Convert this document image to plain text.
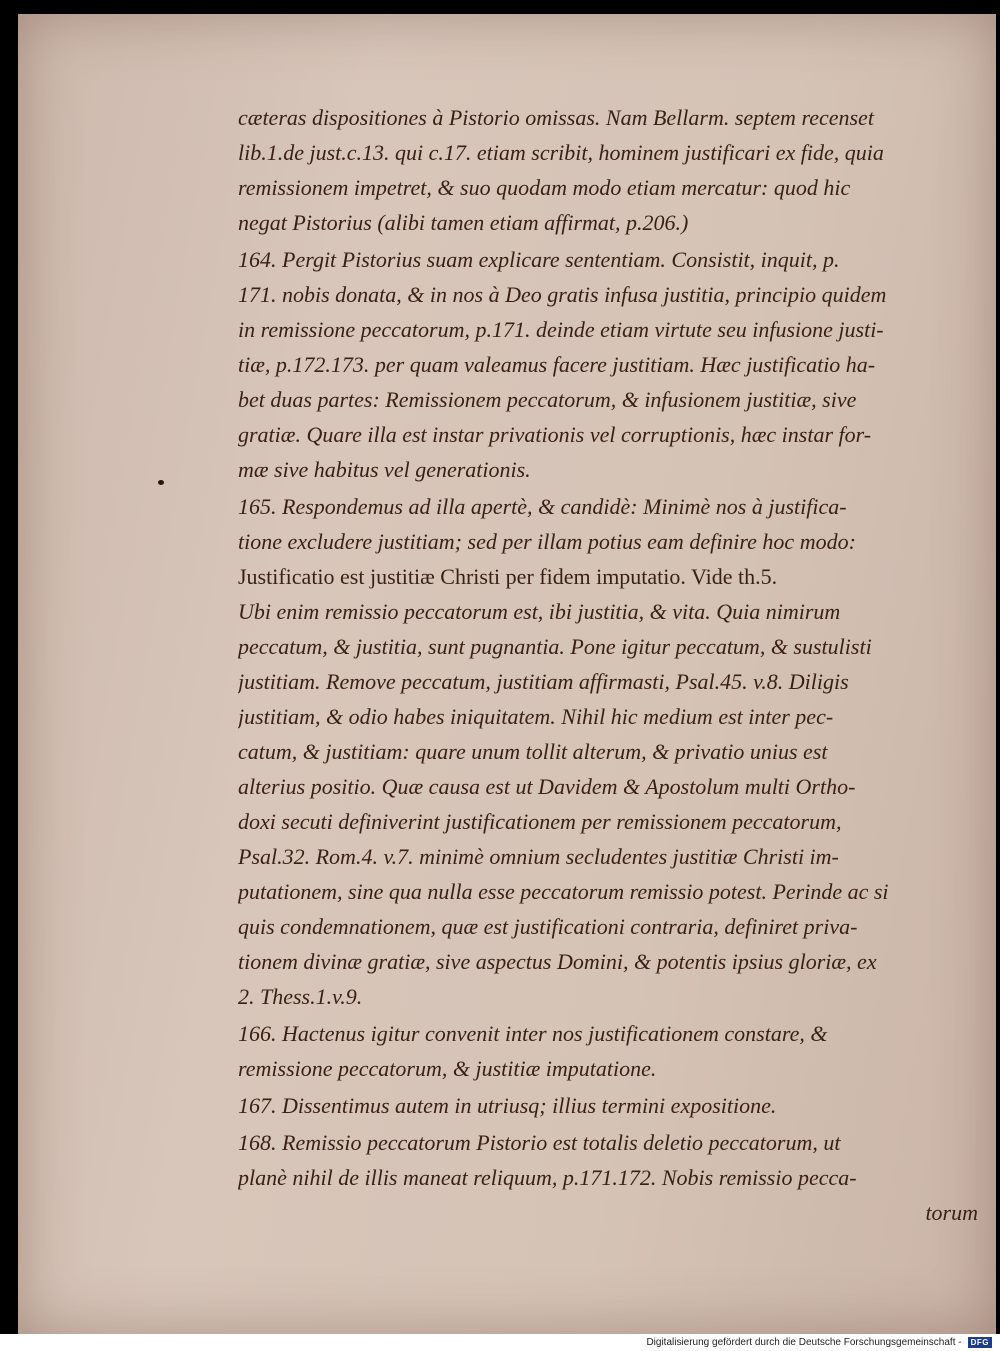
cæteras dispositiones à Pistorio omissas. Nam Bellarm. septem recenset
lib.1.de just.c.13. qui c.17. etiam scribit, hominem justificari ex fide, quia
remissionem impetret, & suo quodam modo etiam mercatur: quod hic
negat Pistorius (alibi tamen etiam affirmat, p.206.)

164. Pergit Pistorius suam explicare sententiam. Consistit, inquit, p.
171. nobis donata, & in nos à Deo gratis infusa justitia, principio quidem
in remissione peccatorum, p.171. deinde etiam virtute seu infusione justi-
tiæ, p.172.173. per quam valeamus facere justitiam. Hæc justificatio ha-
bet duas partes: Remissionem peccatorum, & infusionem justitiæ, sive
gratiæ. Quare illa est instar privationis vel corruptionis, hæc instar for-
mæ sive habitus vel generationis.

165. Respondemus ad illa apertè, & candidè: Minimè nos à justifica-
tione excludere justitiam; sed per illam potius eam definire hoc modo:
Justificatio est justitiæ Christi per fidem imputatio. Vide th.5.
Ubi enim remissio peccatorum est, ibi justitia, & vita. Quia nimirum
peccatum, & justitia, sunt pugnantia. Pone igitur peccatum, & sustulisti
justitiam. Remove peccatum, justitiam affirmasti, Psal.45. v.8. Diligis
justitiam, & odio habes iniquitatem. Nihil hic medium est inter pec-
catum, & justitiam: quare unum tollit alterum, & privatio unius est
alterius positio. Quæ causa est ut Davidem & Apostolum multi Ortho-
doxi secuti definiverint justificationem per remissionem peccatorum,
Psal.32. Rom.4. v.7. minimè omnium secludentes justitiæ Christi im-
putationem, sine qua nulla esse peccatorum remissio potest. Perinde ac si
quis condemnationem, quæ est justificationi contraria, definiret priva-
tionem divinæ gratiæ, sive aspectus Domini, & potentis ipsius gloriæ, ex
2. Thess.1.v.9.

166. Hactenus igitur convenit inter nos justificationem constare, &
remissione peccatorum, & justitiæ imputatione.

167. Dissentimus autem in utriusq; illius termini expositione.

168. Remissio peccatorum Pistorio est totalis deletio peccatorum, ut
planè nihil de illis maneat reliquum, p.171.172. Nobis remissio pecca-

torum
Digitalisierung gefördert durch die Deutsche Forschungsgemeinschaft -	DFG
